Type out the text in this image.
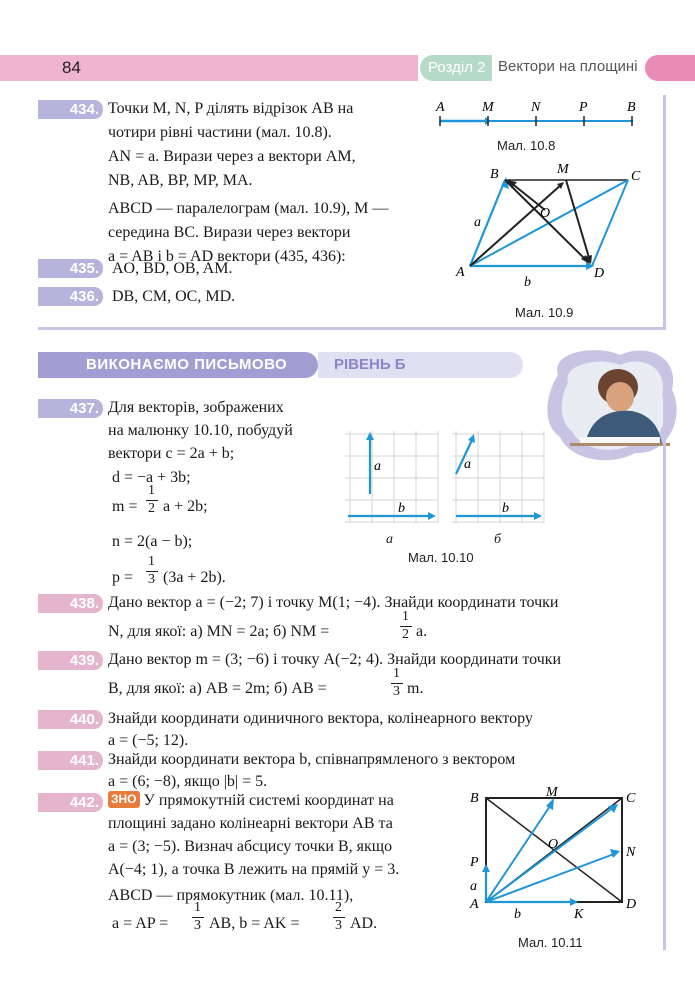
84	Розділ 2 Вектори на площині
434. Точки M, N, P ділять відрізок AB на
чотири рівні частини (мал. 10.8).
AN = a. Вирази через a вектори AM,
NB, AB, BP, MP, MA.
ABCD — паралелограм (мал. 10.9), M —
середина BC. Вирази через вектори
a = AB і b = AD вектори (435, 436):
435. AO, BD, OB, AM.
436. DB, CM, OC, MD.
A	M	N	P	B
Мал. 10.8
B	M	C
O
a
A
b
D
Мал. 10.9
ВИКОНАЄМО ПИСЬМОВО	РІВЕНЬ Б
437. Для векторів, зображених
на малюнку 10.10, побудуй
вектори c = 2a + b;
d = −a + 3b;
m =
1
2 a + 2b;
n = 2(a − b);
p =
1
3 (3a + 2b).
a
b
a
b
а	б
Мал. 10.10
438. Дано вектор a = (−2; 7) і точку M(1; −4). Знайди координати точки
N, для якої: а) MN = 2a; б) NM =
1
2 a.
439. Дано вектор m = (3; −6) і точку A(−2; 4). Знайди координати точки
B, для якої: а) AB = 2m; б) AB =
1
3 m.
440. Знайди координати одиничного вектора, колінеарного вектору
a = (−5; 12).
441. Знайди координати вектора b, співнапрямленого з вектором
a = (6; −8), якщо |b| = 5.
442.	ЗНО У прямокутній системі координат на
площині задано колінеарні вектори AB та
a = (3; −5). Визнач абсцису точки B, якщо
A(−4; 1), а точка B лежить на прямій y = 3.
ABCD — прямокутник (мал. 10.11),
a = AP =
1
3 AB, b = AK =
2
3 AD.
B	M	C
O
N
P
a
A
b	K
D
Мал. 10.11
